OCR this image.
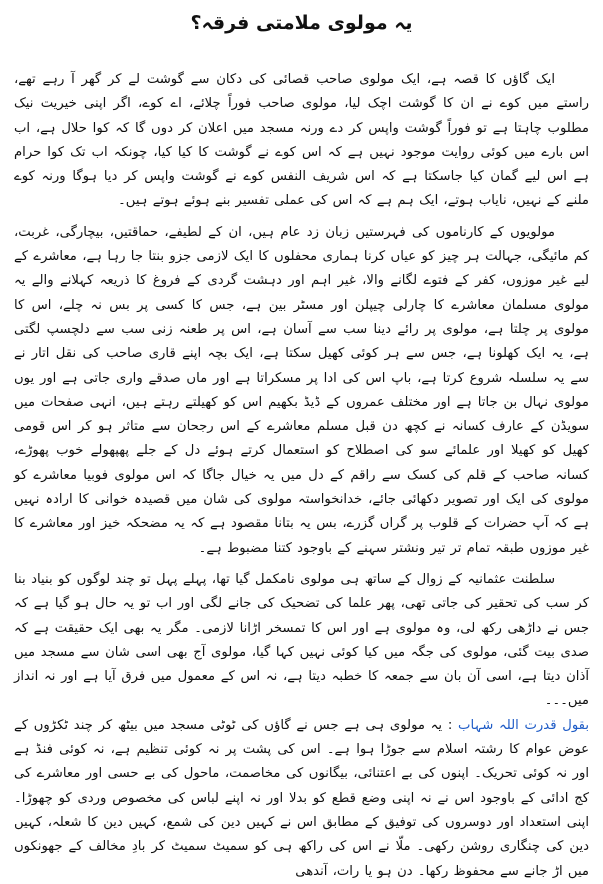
یہ مولوی ملامتی فرقہ؟

ایک گاؤں کا قصہ ہے، ایک مولوی صاحب قصائی کی دکان سے گوشت لے کر گھر آ رہے تھے، راستے میں کوے نے ان کا گوشت اچک لیا، مولوی صاحب فوراً چلائے، اے کوے، اگر اپنی خیریت نیک مطلوب چاہتا ہے تو فوراً گوشت واپس کر دے ورنہ مسجد میں اعلان کر دوں گا کہ کوا حلال ہے، اب اس بارے میں کوئی روایت موجود نہیں ہے کہ اس کوے نے گوشت کا کیا کیا، چونکہ اب تک کوا حرام ہے اس لیے گمان کیا جاسکتا ہے کہ اس شریف النفس کوے نے گوشت واپس کر دیا ہوگا ورنہ کوے ملنے کے نہیں، نایاب ہوتے، ایک ہم ہے کہ اس کی عملی تفسیر بنے ہوئے ہوتے ہیں۔

مولویوں کے کارناموں کی فہرستیں زبان زد عام ہیں، ان کے لطیفے، حماقتیں، بیچارگی، غربت، کم مائیگی، جہالت ہر چیز کو عیاں کرنا ہماری محفلوں کا ایک لازمی جزو بنتا جا رہا ہے، معاشرے کے لیے غیر موزوں، کفر کے فتوے لگانے والا، غیر اہم اور دہشت گردی کے فروغ کا ذریعہ کہلانے والے یہ مولوی مسلمان معاشرے کا چارلی چیپلن اور مسٹر بین ہے، جس کا کسی پر بس نہ چلے، اس کا مولوی پر چلتا ہے، مولوی پر رائے دینا سب سے آسان ہے، اس پر طعنہ زنی سب سے دلچسپ لگتی ہے، یہ ایک کھلونا ہے، جس سے ہر کوئی کھیل سکتا ہے، ایک بچہ اپنے قاری صاحب کی نقل اتار نے سے یہ سلسلہ شروع کرتا ہے، باپ اس کی ادا پر مسکراتا ہے اور ماں صدقے واری جاتی ہے اور یوں مولوی نہال بن جاتا ہے اور مختلف عمروں کے ڈیڈ بکھیم اس کو کھیلتے رہتے ہیں، انہی صفحات میں سویڈن کے عارف کسانہ نے کچھ دن قبل مسلم معاشرے کے اس رجحان سے متاثر ہو کر اس قومی کھیل کو کھیلا اور علمائے سو کی اصطلاح کو استعمال کرتے ہوئے دل کے جلے پھپھولے خوب پھوڑے، کسانہ صاحب کے قلم کی کسک سے راقم کے دل میں یہ خیال جاگا کہ اس مولوی فوبیا معاشرے کو مولوی کی ایک اور تصویر دکھائی جائے، خدانخواستہ مولوی کی شان میں قصیدہ خوانی کا ارادہ نہیں ہے کہ آپ حضرات کے قلوب پر گراں گزرے، بس یہ بتانا مقصود ہے کہ یہ مضحکہ خیز اور معاشرے کا غیر موزوں طبقہ تمام تر تیر ونشتر سہنے کے باوجود کتنا مضبوط ہے۔

سلطنت عثمانیہ کے زوال کے ساتھ ہی مولوی نامکمل گیا تھا، پہلے پہل تو چند لوگوں کو بنیاد بنا کر سب کی تحقیر کی جاتی تھی، پھر علما کی تضحیک کی جانے لگی اور اب تو یہ حال ہو گیا ہے کہ جس نے داڑھی رکھ لی، وہ مولوی ہے اور اس کا تمسخر اڑانا لازمی۔ مگر یہ بھی ایک حقیقت ہے کہ صدی بیت گئی، مولوی کی جگہ میں کیا کوئی نہیں کہا گیا، مولوی آج بھی اسی شان سے مسجد میں آذان دیتا ہے، اسی آن بان سے جمعہ کا خطبہ دیتا ہے، نہ اس کے معمول میں فرق آیا ہے اور نہ انداز میں۔۔۔

بقول قدرت اللہ شہاب : یہ مولوی ہی ہے جس نے گاؤں کی ٹوٹی مسجد میں بیٹھ کر چند ٹکڑوں کے عوض عوام کا رشتہ اسلام سے جوڑا ہوا ہے۔ اس کی پشت پر نہ کوئی تنظیم ہے، نہ کوئی فنڈ ہے اور نہ کوئی تحریک۔ اپنوں کی بے اعتنائی، بیگانوں کی مخاصمت، ماحول کی بے حسی اور معاشرے کی کج ادائی کے باوجود اس نے نہ اپنی وضع قطع کو بدلا اور نہ اپنے لباس کی مخصوص وردی کو چھوڑا۔ اپنی استعداد اور دوسروں کی توفیق کے مطابق اس نے کہیں دین کی شمع، کہیں دین کا شعلہ، کہیں دین کی چنگاری روشن رکھی۔ ملّا نے اس کی راکھ ہی کو سمیٹ سمیٹ کر بادِ مخالف کے جھونکوں میں اڑ جانے سے محفوظ رکھا۔ دن ہو یا رات، آندھی
